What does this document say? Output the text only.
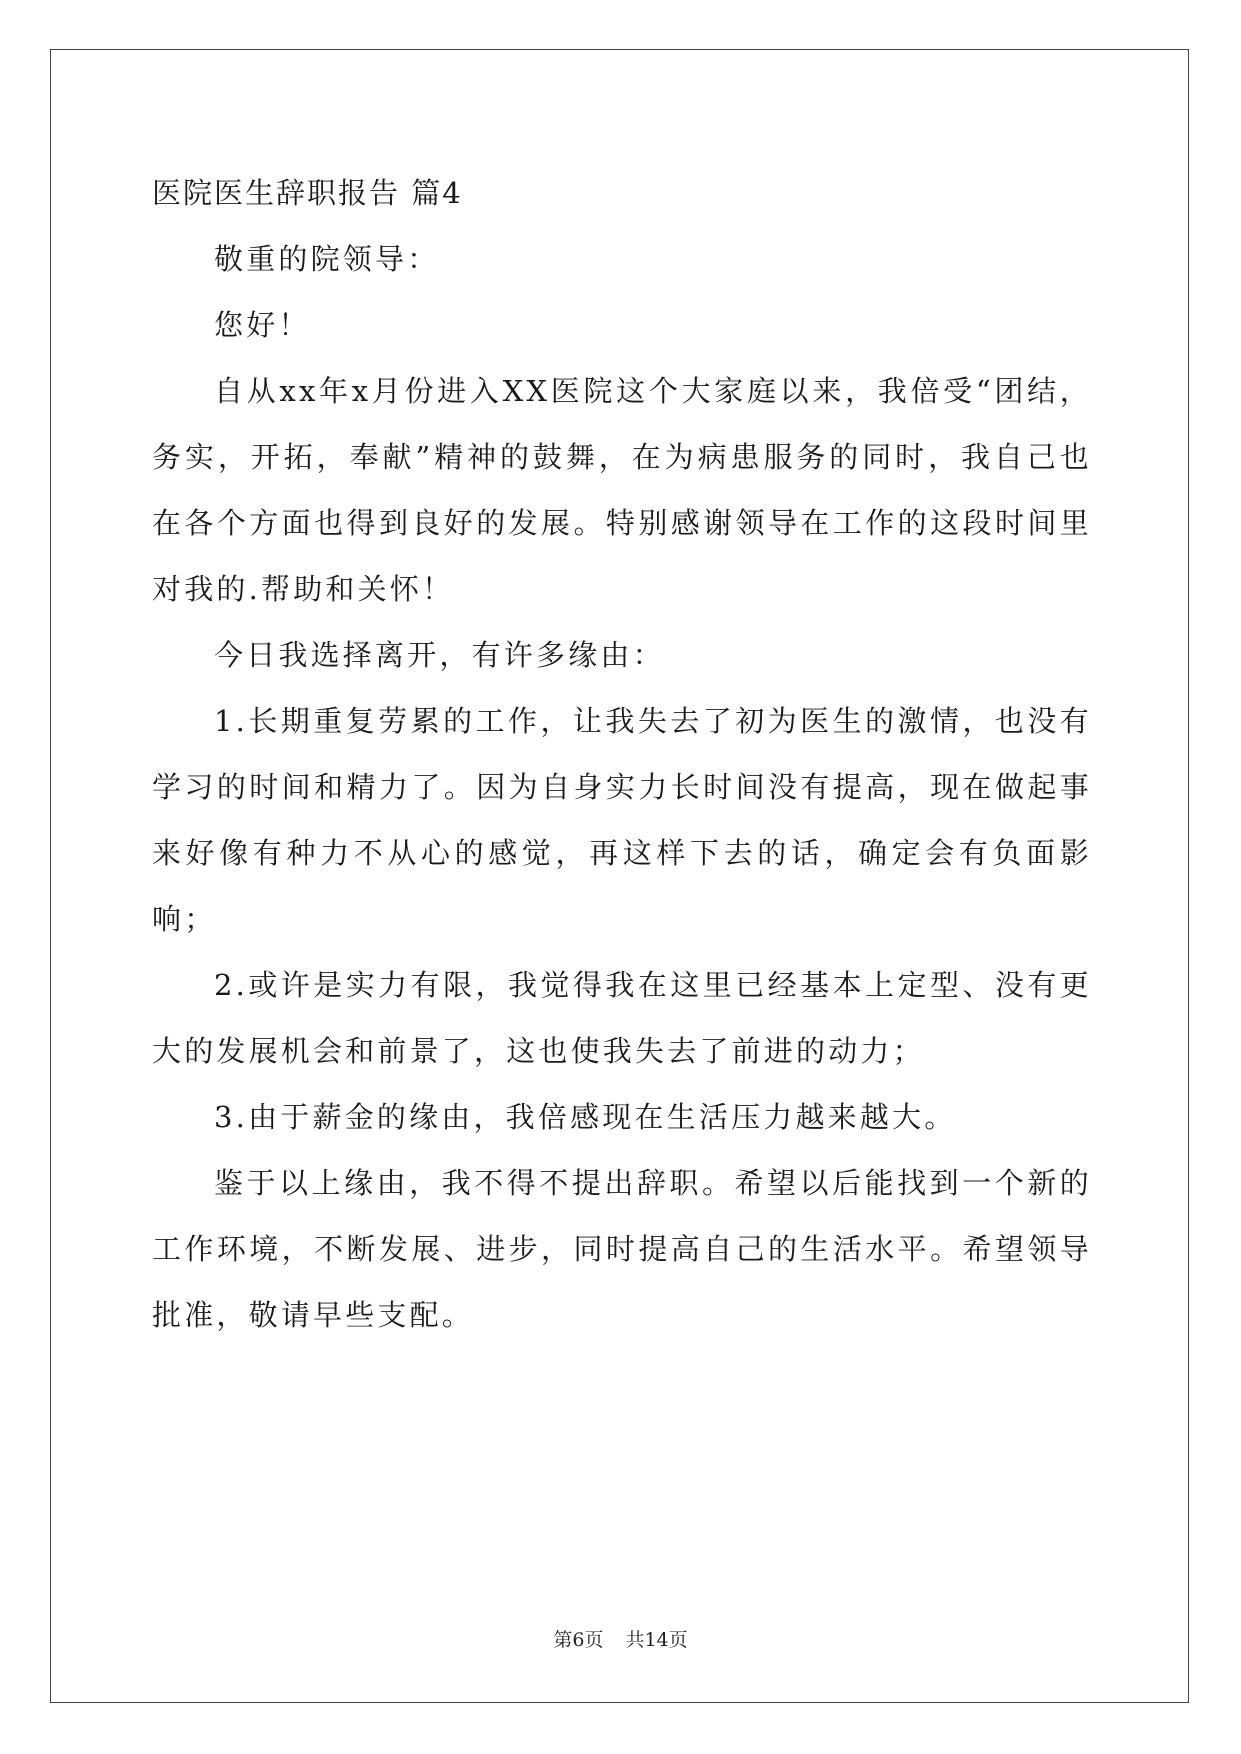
医院医生辞职报告 篇4

敬重的院领导：

您好！

自从xx年x月份进入XX医院这个大家庭以来，我倍受“团结，务实，开拓，奉献”精神的鼓舞，在为病患服务的同时，我自己也在各个方面也得到良好的发展。特别感谢领导在工作的这段时间里对我的.帮助和关怀！

今日我选择离开，有许多缘由：

1.长期重复劳累的工作，让我失去了初为医生的激情，也没有学习的时间和精力了。因为自身实力长时间没有提高，现在做起事来好像有种力不从心的感觉，再这样下去的话，确定会有负面影响；

2.或许是实力有限，我觉得我在这里已经基本上定型、没有更大的发展机会和前景了，这也使我失去了前进的动力；

3.由于薪金的缘由，我倍感现在生活压力越来越大。

鉴于以上缘由，我不得不提出辞职。希望以后能找到一个新的工作环境，不断发展、进步，同时提高自己的生活水平。希望领导批准，敬请早些支配。

第6页 共14页
